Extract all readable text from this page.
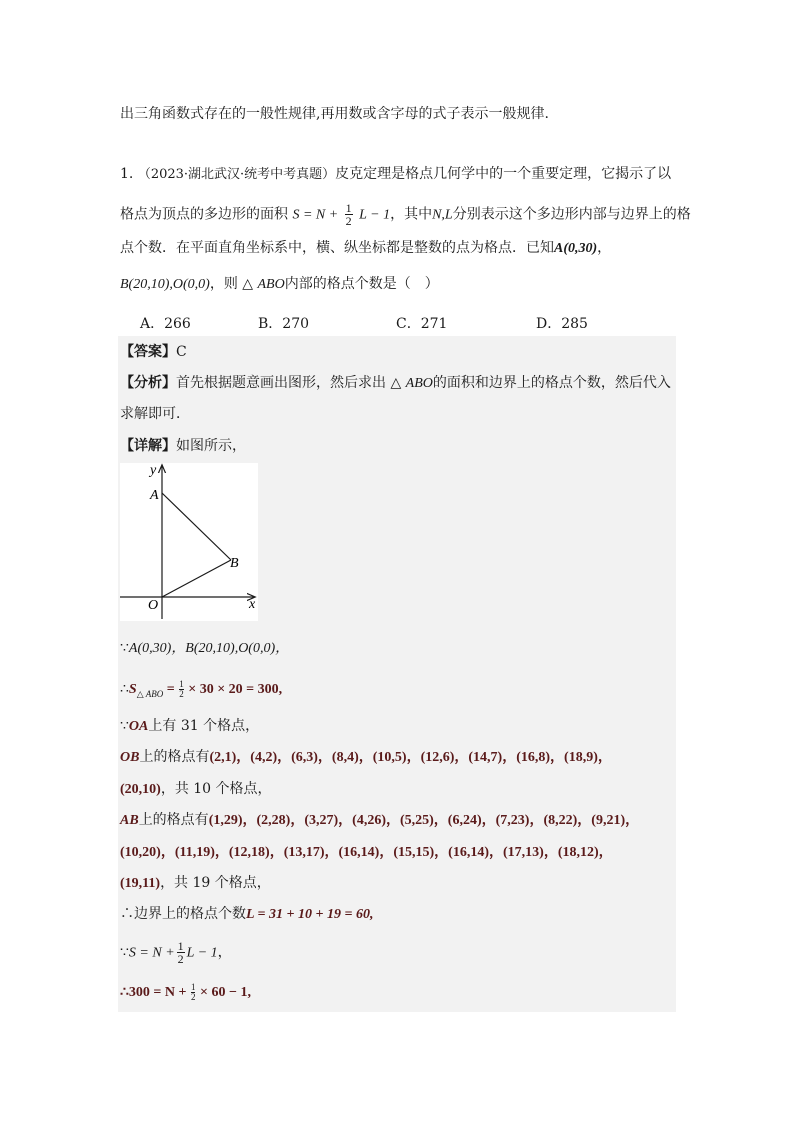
出三角函数式存在的一般性规律,再用数或含字母的式子表示一般规律.
1. （2023·湖北武汉·统考中考真题）皮克定理是格点几何学中的一个重要定理，它揭示了以
格点为顶点的多边形的面积 $S = N + \frac{1}{2}$ L − 1，其中N,L分别表示这个多边形内部与边界上的格
点个数．在平面直角坐标系中，横、纵坐标都是整数的点为格点．已知A(0,30)，
B(20,10),O(0,0)，则 △ ABO内部的格点个数是（　）
A．266	B．270	C．271	D．285
【答案】C
【分析】首先根据题意画出图形，然后求出 △ ABO的面积和边界上的格点个数，然后代入
求解即可．
【详解】如图所示，
y
A
B
O	x
∵A(0,30)，B(20,10),O(0,0)，
$\therefore S_{\triangle ABO} = \frac{1}{2} \times 30 \times 20 = 300$,
∵OA上有 31 个格点，
OB上的格点有(2,1)，(4,2)，(6,3)，(8,4)，(10,5)，(12,6)，(14,7)，(16,8)，(18,9)，
(20,10)，共 10 个格点，
AB上的格点有(1,29)，(2,28)，(3,27)，(4,26)，(5,25)，(6,24)，(7,23)，(8,22)，(9,21)，
(10,20)，(11,19)，(12,18)，(13,17)，(16,14)，(15,15)，(16,14)，(17,13)，(18,12)，
(19,11)，共 19 个格点，
∴边界上的格点个数L = 31 + 10 + 19 = 60,
∵S = $N + \frac{1}{2}$ L − 1，
∴300 = $N + \frac{1}{2} \times 60 - 1$,
